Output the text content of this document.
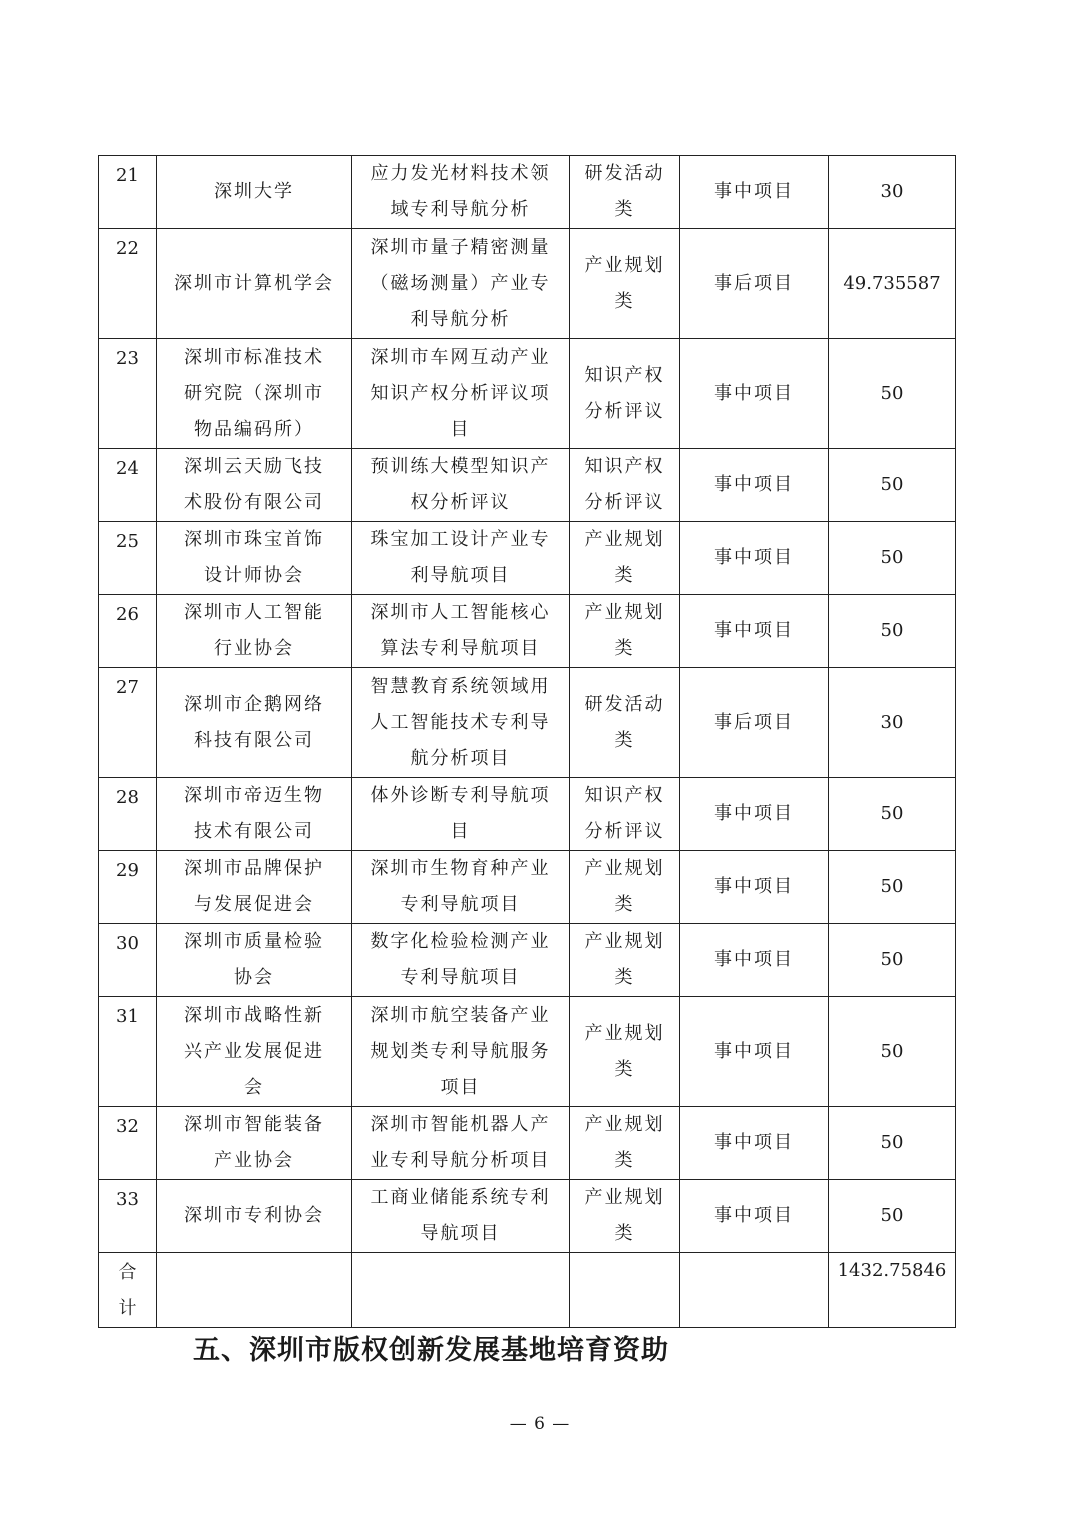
21	深圳大学	应力发光材料技术领域专利导航分析	研发活动类	事中项目	30
22	深圳市计算机学会	深圳市量子精密测量（磁场测量）产业专利导航分析	产业规划类	事后项目	49.735587
23	深圳市标准技术研究院（深圳市物品编码所）	深圳市车网互动产业知识产权分析评议项目	知识产权分析评议	事中项目	50
24	深圳云天励飞技术股份有限公司	预训练大模型知识产权分析评议	知识产权分析评议	事中项目	50
25	深圳市珠宝首饰设计师协会	珠宝加工设计产业专利导航项目	产业规划类	事中项目	50
26	深圳市人工智能行业协会	深圳市人工智能核心算法专利导航项目	产业规划类	事中项目	50
27	深圳市企鹅网络科技有限公司	智慧教育系统领域用人工智能技术专利导航分析项目	研发活动类	事后项目	30
28	深圳市帝迈生物技术有限公司	体外诊断专利导航项目	知识产权分析评议	事中项目	50
29	深圳市品牌保护与发展促进会	深圳市生物育种产业专利导航项目	产业规划类	事中项目	50
30	深圳市质量检验协会	数字化检验检测产业专利导航项目	产业规划类	事中项目	50
31	深圳市战略性新兴产业发展促进会	深圳市航空装备产业规划类专利导航服务项目	产业规划类	事中项目	50
32	深圳市智能装备产业协会	深圳市智能机器人产业专利导航分析项目	产业规划类	事中项目	50
33	深圳市专利协会	工商业储能系统专利导航项目	产业规划类	事中项目	50
合计					1432.75846
五、深圳市版权创新发展基地培育资助
— 6 —
